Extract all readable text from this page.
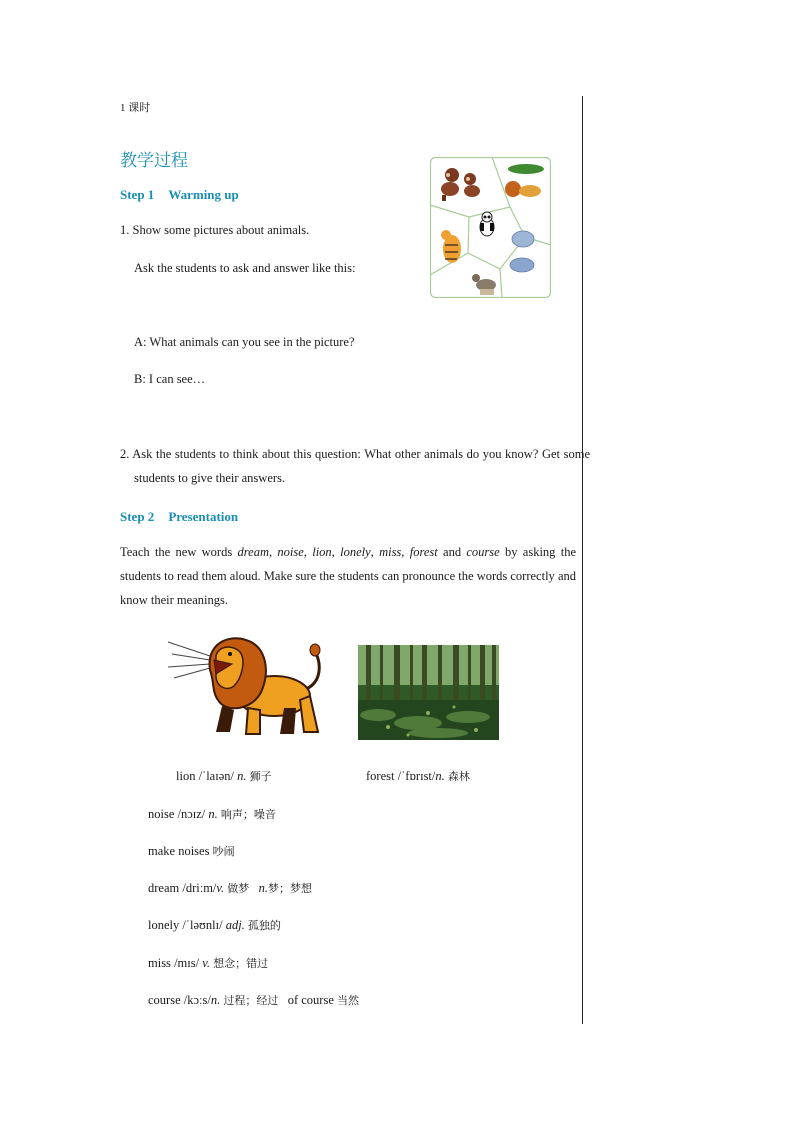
1 课时
教学过程
Step 1 Warming up
1. Show some pictures about animals.
Ask the students to ask and answer like this:
A: What animals can you see in the picture?
B: I can see…
2. Ask the students to think about this question: What other animals do you know? Get some students to give their answers.
Step 2 Presentation
Teach the new words dream, noise, lion, lonely, miss, forest and course by asking the students to read them aloud. Make sure the students can pronounce the words correctly and know their meanings.
lion /ˈlaɪən/ n. 狮子	forest /ˈfɒrɪst/n. 森林
noise /nɔɪz/ n. 响声；噪音
make noises 吵闹
dream /driːm/v. 做梦 n.梦；梦想
lonely /ˈləʊnlɪ/ adj. 孤独的
miss /mɪs/ v. 想念；错过
course /kɔːs/n. 过程；经过 of course 当然
